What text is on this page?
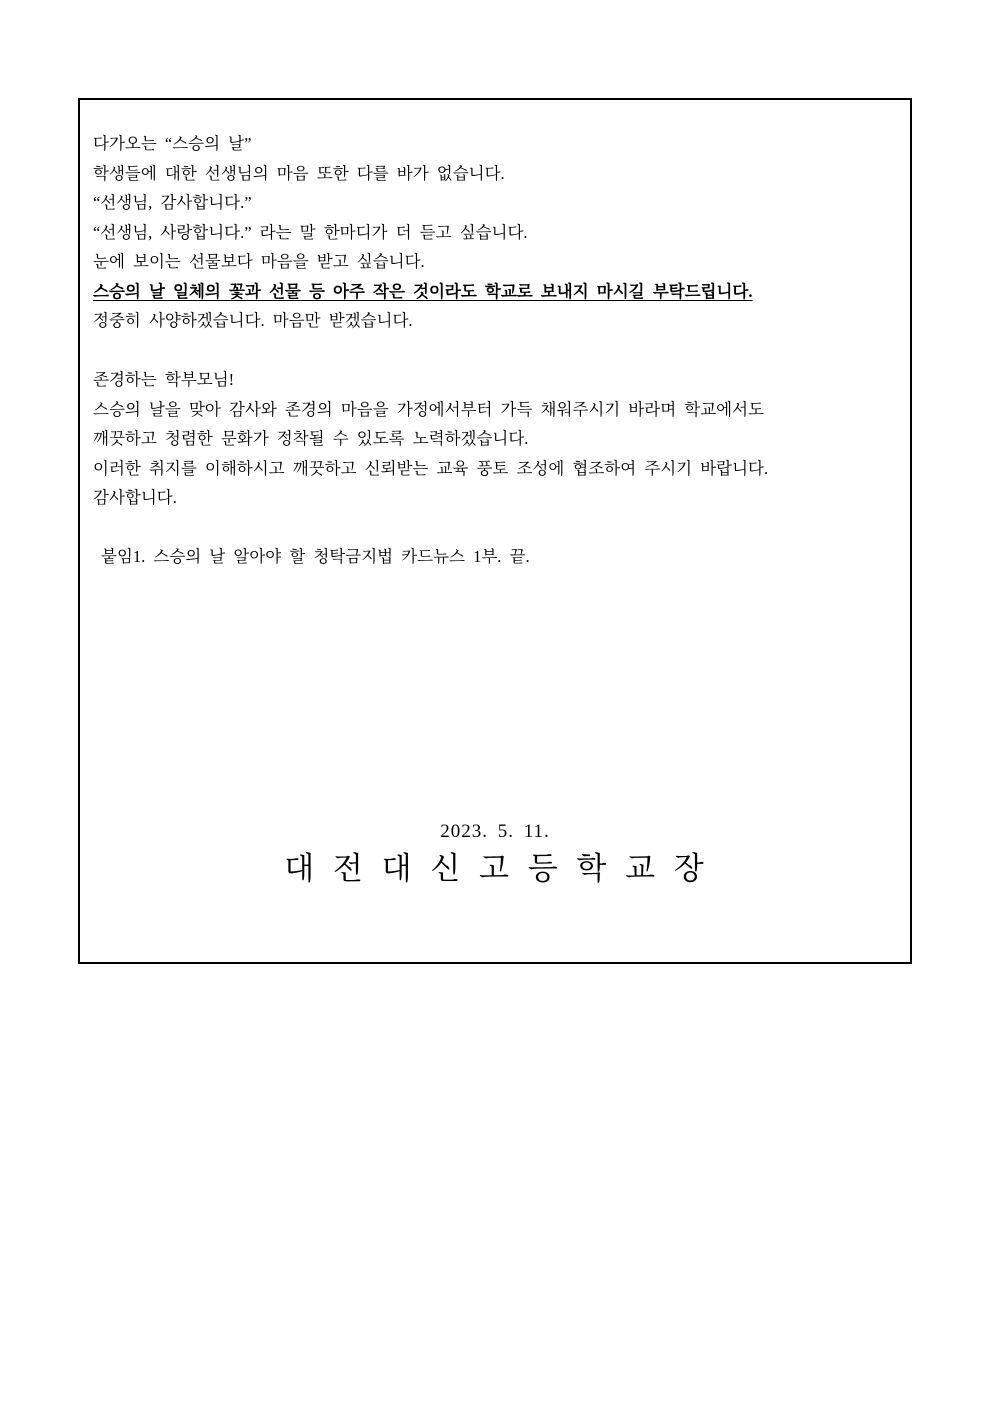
다가오는 “스승의 날”
학생들에 대한 선생님의 마음 또한 다를 바가 없습니다.
“선생님, 감사합니다.”
“선생님, 사랑합니다.” 라는 말 한마디가 더 듣고 싶습니다.
눈에 보이는 선물보다 마음을 받고 싶습니다.
스승의 날 일체의 꽃과 선물 등 아주 작은 것이라도 학교로 보내지 마시길 부탁드립니다.
정중히 사양하겠습니다. 마음만 받겠습니다.
존경하는 학부모님!
스승의 날을 맞아 감사와 존경의 마음을 가정에서부터 가득 채워주시기 바라며 학교에서도
깨끗하고 청렴한 문화가 정착될 수 있도록 노력하겠습니다.
이러한 취지를 이해하시고 깨끗하고 신뢰받는 교육 풍토 조성에 협조하여 주시기 바랍니다.
감사합니다.
붙임1. 스승의 날 알아야 할 청탁금지법 카드뉴스 1부. 끝.
2023. 5. 11.
대 전 대 신 고 등 학 교 장
